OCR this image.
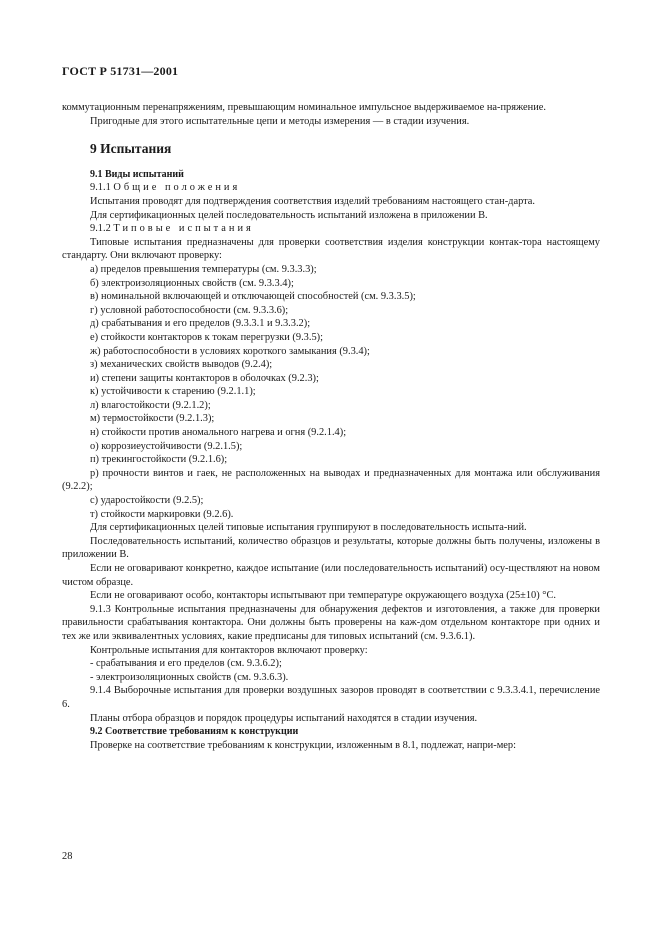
ГОСТ Р 51731—2001

коммутационным перенапряжениям, превышающим номинальное импульсное выдерживаемое на-пряжение.

Пригодные для этого испытательные цепи и методы измерения — в стадии изучения.

9 Испытания

9.1 Виды испытаний

9.1.1 Общие положения

Испытания проводят для подтверждения соответствия изделий требованиям настоящего стан-дарта.

Для сертификационных целей последовательность испытаний изложена в приложении В.

9.1.2 Типовые испытания

Типовые испытания предназначены для проверки соответствия изделия конструкции контак-тора настоящему стандарту. Они включают проверку:

а) пределов превышения температуры (см. 9.3.3.3);

б) электроизоляционных свойств (см. 9.3.3.4);

в) номинальной включающей и отключающей способностей (см. 9.3.3.5);

г) условной работоспособности (см. 9.3.3.6);

д) срабатывания и его пределов (9.3.3.1 и 9.3.3.2);

е) стойкости контакторов к токам перегрузки (9.3.5);

ж) работоспособности в условиях короткого замыкания (9.3.4);

з) механических свойств выводов (9.2.4);

и) степени защиты контакторов в оболочках (9.2.3);

к) устойчивости к старению (9.2.1.1);

л) влагостойкости (9.2.1.2);

м) термостойкости (9.2.1.3);

н) стойкости против аномального нагрева и огня (9.2.1.4);

о) коррозиеустойчивости (9.2.1.5);

п) трекингостойкости (9.2.1.6);

р) прочности винтов и гаек, не расположенных на выводах и предназначенных для монтажа или обслуживания (9.2.2);

с) ударостойкости (9.2.5);

т) стойкости маркировки (9.2.6).

Для сертификационных целей типовые испытания группируют в последовательность испыта-ний.

Последовательность испытаний, количество образцов и результаты, которые должны быть получены, изложены в приложении В.

Если не оговаривают конкретно, каждое испытание (или последовательность испытаний) осу-ществляют на новом чистом образце.

Если не оговаривают особо, контакторы испытывают при температуре окружающего воздуха (25±10) °С.

9.1.3 Контрольные испытания предназначены для обнаружения дефектов и изготовления, а также для проверки правильности срабатывания контактора. Они должны быть проверены на каж-дом отдельном контакторе при одних и тех же или эквивалентных условиях, какие предписаны для типовых испытаний (см. 9.3.6.1).

Контрольные испытания для контакторов включают проверку:

- срабатывания и его пределов (см. 9.3.6.2);

- электроизоляционных свойств (см. 9.3.6.3).

9.1.4 Выборочные испытания для проверки воздушных зазоров проводят в соответствии с 9.3.3.4.1, перечисление 6.

Планы отбора образцов и порядок процедуры испытаний находятся в стадии изучения.

9.2 Соответствие требованиям к конструкции

Проверке на соответствие требованиям к конструкции, изложенным в 8.1, подлежат, напри-мер:

28
